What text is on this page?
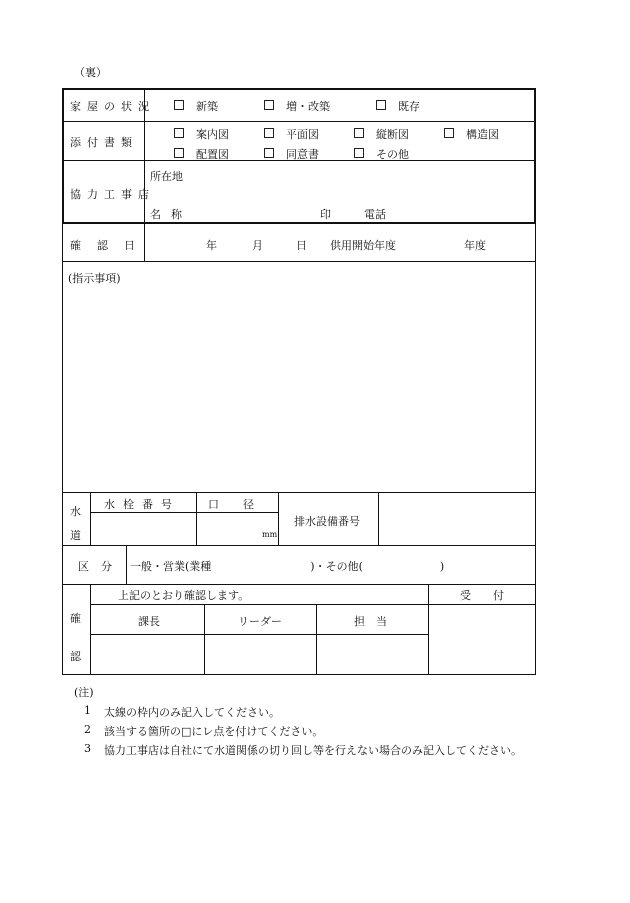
（裏）
家屋の状況	新築	増・改築	既存
添付書類
案内図	平面図	縦断図	構造図
配置図	同意書	その他
協力工事店
所在地
名称	印	電話
確認日	年	月	日 供用開始年度	年度
(指示事項)
水道
水栓番号	口径
mm
排水設備番号
区分 一般・営業(業種　　　　　　　　　)・その他(　　　　　　　)
確認
上記のとおり確認します。	受　　付
課長	リーダー	担　当
(注)
1 太線の枠内のみ記入してください。
2 該当する箇所の□にレ点を付けてください。
3 協力工事店は自社にて水道関係の切り回し等を行えない場合のみ記入してください。
